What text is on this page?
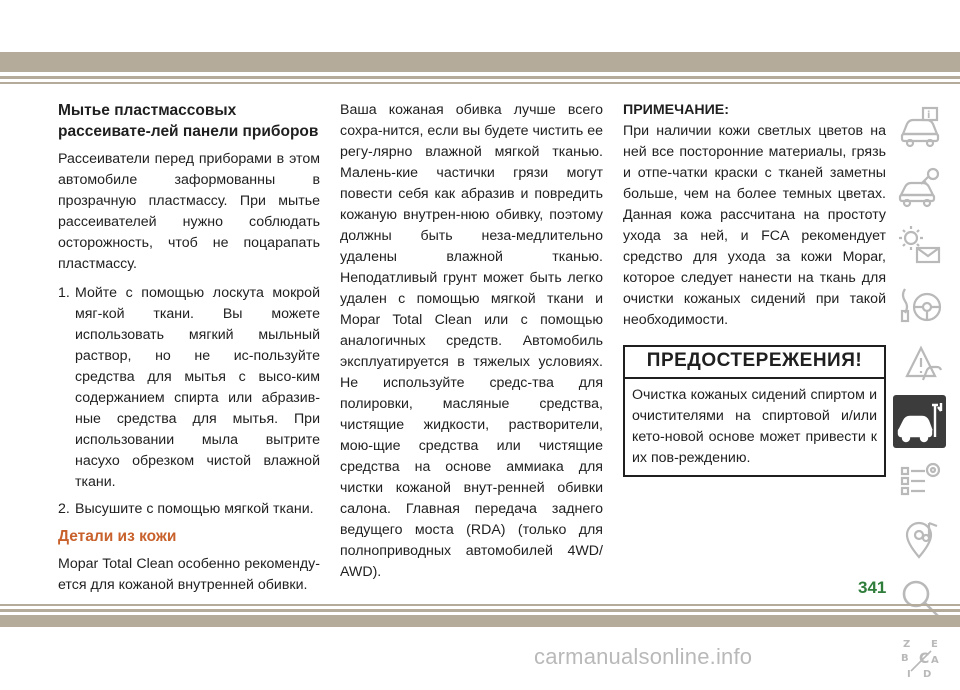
Мытье пластмассовых рассеивате-лей панели приборов

Рассеиватели перед приборами в этом автомобиле заформованны в прозрачную пластмассу. При мытье рассеивателей нужно соблюдать осторожность, чтоб не поцарапать пластмассу.

1. Мойте с помощью лоскута мокрой мяг-кой ткани. Вы можете использовать мягкий мыльный раствор, но не ис-пользуйте средства для мытья с высо-ким содержанием спирта или абразив-ные средства для мытья. При использовании мыла вытрите насухо обрезком чистой влажной ткани.
2. Высушите с помощью мягкой ткани.
Детали из кожи

Mopar Total Clean особенно рекоменду-ется для кожаной внутренней обивки.

Ваша кожаная обивка лучше всего сохра-нится, если вы будете чистить ее регу-лярно влажной мягкой тканью. Малень-кие частички грязи могут повести себя как абразив и повредить кожаную внутрен-нюю обивку, поэтому должны быть неза-медлительно удалены влажной тканью. Неподатливый грунт может быть легко удален с помощью мягкой ткани и Mopar Total Clean или с помощью аналогичных средств. Автомобиль эксплуатируется в тяжелых условиях. Не используйте средс-тва для полировки, масляные средства, чистящие жидкости, растворители, мою-щие средства или чистящие средства на основе аммиака для чистки кожаной внут-ренней обивки салона. Главная передача заднего ведущего моста (RDA) (только для полноприводных автомобилей 4WD/ AWD).

ПРИМЕЧАНИЕ:

При наличии кожи светлых цветов на ней все посторонние материалы, грязь и отпе-чатки краски с тканей заметны больше, чем на более темных цветах. Данная кожа рассчитана на простоту ухода за ней, и FCA рекомендует средство для ухода за кожи Mopar, которое следует нанести на ткань для очистки кожаных сидений при такой необходимости.

ПРЕДОСТЕРЕЖЕНИЯ!
Очистка кожаных сидений спиртом и очистителями на спиртовой и/или кето-новой основе может привести к их пов-реждению.
i
Z E
B C A
I D
341
carmanualsonline.info
